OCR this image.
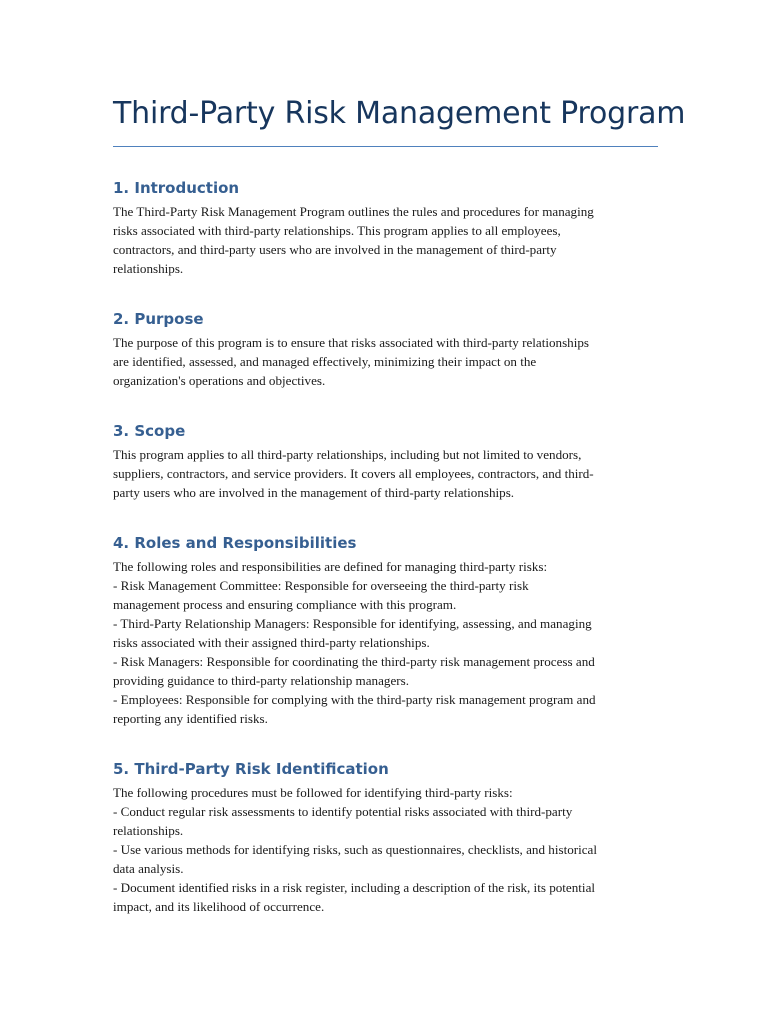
Third-Party Risk Management Program
1. Introduction

The Third-Party Risk Management Program outlines the rules and procedures for managing
risks associated with third-party relationships. This program applies to all employees,
contractors, and third-party users who are involved in the management of third-party
relationships.

2. Purpose

The purpose of this program is to ensure that risks associated with third-party relationships
are identified, assessed, and managed effectively, minimizing their impact on the
organization's operations and objectives.

3. Scope

This program applies to all third-party relationships, including but not limited to vendors,
suppliers, contractors, and service providers. It covers all employees, contractors, and third-
party users who are involved in the management of third-party relationships.

4. Roles and Responsibilities

The following roles and responsibilities are defined for managing third-party risks:
- Risk Management Committee: Responsible for overseeing the third-party risk
management process and ensuring compliance with this program.
- Third-Party Relationship Managers: Responsible for identifying, assessing, and managing
risks associated with their assigned third-party relationships.
- Risk Managers: Responsible for coordinating the third-party risk management process and
providing guidance to third-party relationship managers.
- Employees: Responsible for complying with the third-party risk management program and
reporting any identified risks.

5. Third-Party Risk Identification

The following procedures must be followed for identifying third-party risks:
- Conduct regular risk assessments to identify potential risks associated with third-party
relationships.
- Use various methods for identifying risks, such as questionnaires, checklists, and historical
data analysis.
- Document identified risks in a risk register, including a description of the risk, its potential
impact, and its likelihood of occurrence.
